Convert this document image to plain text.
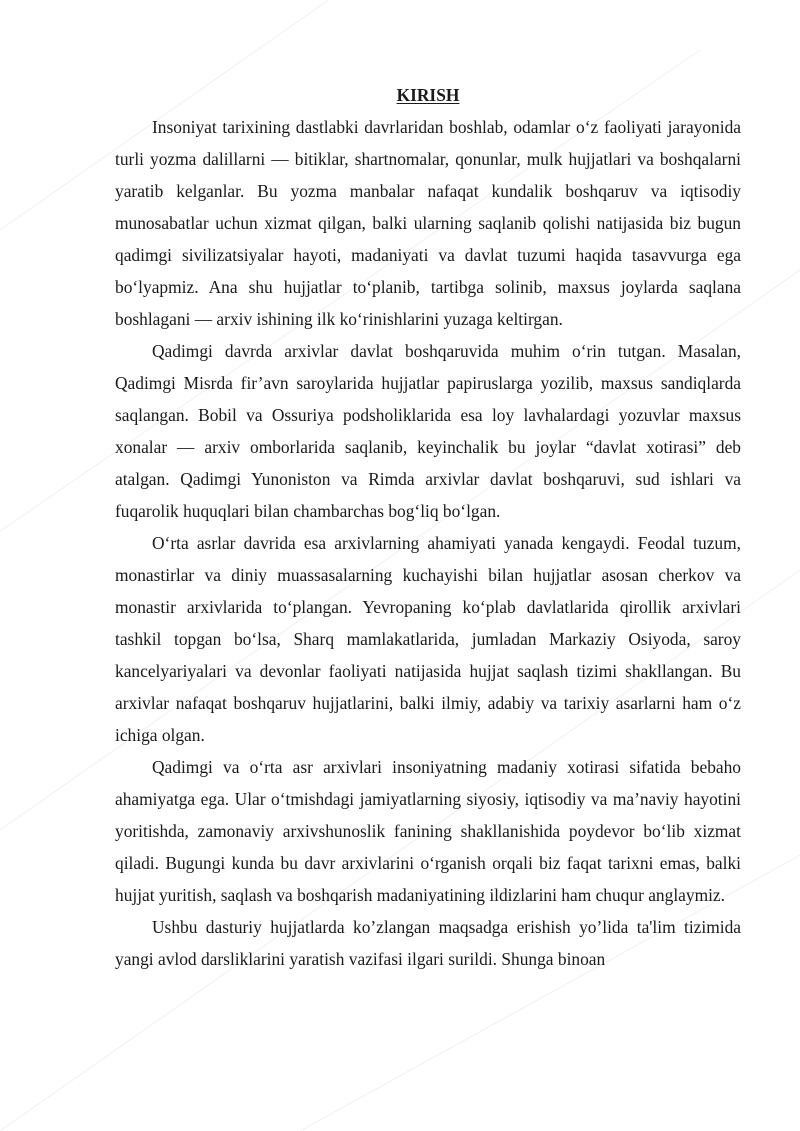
KIRISH

Insoniyat tarixining dastlabki davrlaridan boshlab, odamlar o‘z faoliyati jarayonida turli yozma dalillarni — bitiklar, shartnomalar, qonunlar, mulk hujjatlari va boshqalarni yaratib kelganlar. Bu yozma manbalar nafaqat kundalik boshqaruv va iqtisodiy munosabatlar uchun xizmat qilgan, balki ularning saqlanib qolishi natijasida biz bugun qadimgi sivilizatsiyalar hayoti, madaniyati va davlat tuzumi haqida tasavvurga ega bo‘lyapmiz. Ana shu hujjatlar to‘planib, tartibga solinib, maxsus joylarda saqlana boshlagani — arxiv ishining ilk ko‘rinishlarini yuzaga keltirgan.

Qadimgi davrda arxivlar davlat boshqaruvida muhim o‘rin tutgan. Masalan, Qadimgi Misrda fir’avn saroylarida hujjatlar papiruslarga yozilib, maxsus sandiqlarda saqlangan. Bobil va Ossuriya podsholiklarida esa loy lavhalardagi yozuvlar maxsus xonalar — arxiv omborlarida saqlanib, keyinchalik bu joylar “davlat xotirasi” deb atalgan. Qadimgi Yunoniston va Rimda arxivlar davlat boshqaruvi, sud ishlari va fuqarolik huquqlari bilan chambarchas bog‘liq bo‘lgan.

O‘rta asrlar davrida esa arxivlarning ahamiyati yanada kengaydi. Feodal tuzum, monastirlar va diniy muassasalarning kuchayishi bilan hujjatlar asosan cherkov va monastir arxivlarida to‘plangan. Yevropaning ko‘plab davlatlarida qirollik arxivlari tashkil topgan bo‘lsa, Sharq mamlakatlarida, jumladan Markaziy Osiyoda, saroy kancelyariyalari va devonlar faoliyati natijasida hujjat saqlash tizimi shakllangan. Bu arxivlar nafaqat boshqaruv hujjatlarini, balki ilmiy, adabiy va tarixiy asarlarni ham o‘z ichiga olgan.

Qadimgi va o‘rta asr arxivlari insoniyatning madaniy xotirasi sifatida bebaho ahamiyatga ega. Ular o‘tmishdagi jamiyatlarning siyosiy, iqtisodiy va ma’naviy hayotini yoritishda, zamonaviy arxivshunoslik fanining shakllanishida poydevor bo‘lib xizmat qiladi. Bugungi kunda bu davr arxivlarini o‘rganish orqali biz faqat tarixni emas, balki hujjat yuritish, saqlash va boshqarish madaniyatining ildizlarini ham chuqur anglaymiz.

Ushbu dasturiy hujjatlarda ko’zlangan maqsadga erishish yo’lida ta'lim tizimida yangi avlod darsliklarini yaratish vazifasi ilgari surildi. Shunga binoan
